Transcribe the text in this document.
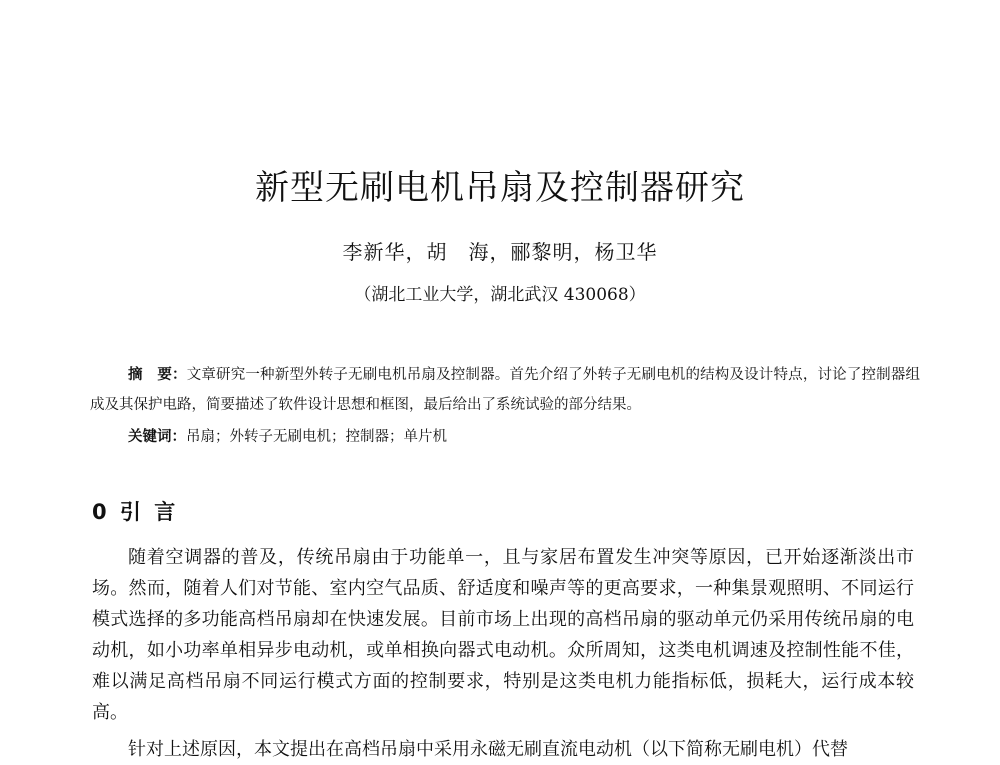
新型无刷电机吊扇及控制器研究
李新华，胡　海，郦黎明，杨卫华
（湖北工业大学，湖北武汉 430068）
摘　要：文章研究一种新型外转子无刷电机吊扇及控制器。首先介绍了外转子无刷电机的结构及设计特点，讨论了控制器组成及其保护电路，简要描述了软件设计思想和框图，最后给出了系统试验的部分结果。
关键词：吊扇；外转子无刷电机；控制器；单片机
0 引 言
随着空调器的普及，传统吊扇由于功能单一，且与家居布置发生冲突等原因，已开始逐渐淡出市场。然而，随着人们对节能、室内空气品质、舒适度和噪声等的更高要求，一种集景观照明、不同运行模式选择的多功能高档吊扇却在快速发展。目前市场上出现的高档吊扇的驱动单元仍采用传统吊扇的电动机，如小功率单相异步电动机，或单相换向器式电动机。众所周知，这类电机调速及控制性能不佳，难以满足高档吊扇不同运行模式方面的控制要求，特别是这类电机力能指标低，损耗大，运行成本较高。
针对上述原因，本文提出在高档吊扇中采用永磁无刷直流电动机（以下简称无刷电机）代替
